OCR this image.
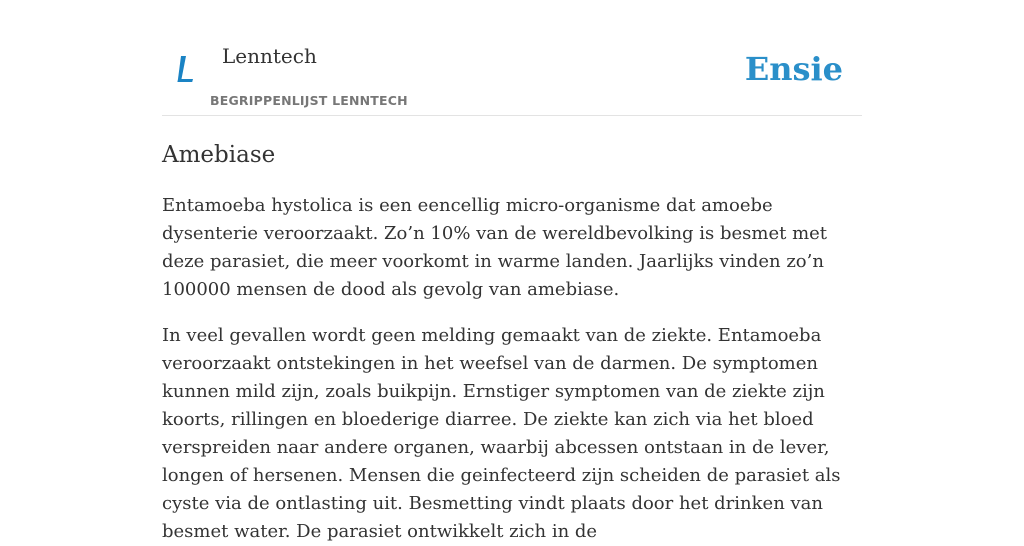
Lenntech
BEGRIPPENLIJST LENNTECH
Ensie
Amebiase

Entamoeba hystolica is een eencellig micro-organisme dat amoebe dysenterie veroorzaakt. Zo’n 10% van de wereldbevolking is besmet met deze parasiet, die meer voorkomt in warme landen. Jaarlijks vinden zo’n 100000 mensen de dood als gevolg van amebiase.

In veel gevallen wordt geen melding gemaakt van de ziekte. Entamoeba veroorzaakt ontstekingen in het weefsel van de darmen. De symptomen kunnen mild zijn, zoals buikpijn. Ernstiger symptomen van de ziekte zijn koorts, rillingen en bloederige diarree. De ziekte kan zich via het bloed verspreiden naar andere organen, waarbij abcessen ontstaan in de lever, longen of hersenen. Mensen die geinfecteerd zijn scheiden de parasiet als cyste via de ontlasting uit. Besmetting vindt plaats door het drinken van besmet water. De parasiet ontwikkelt zich in de
